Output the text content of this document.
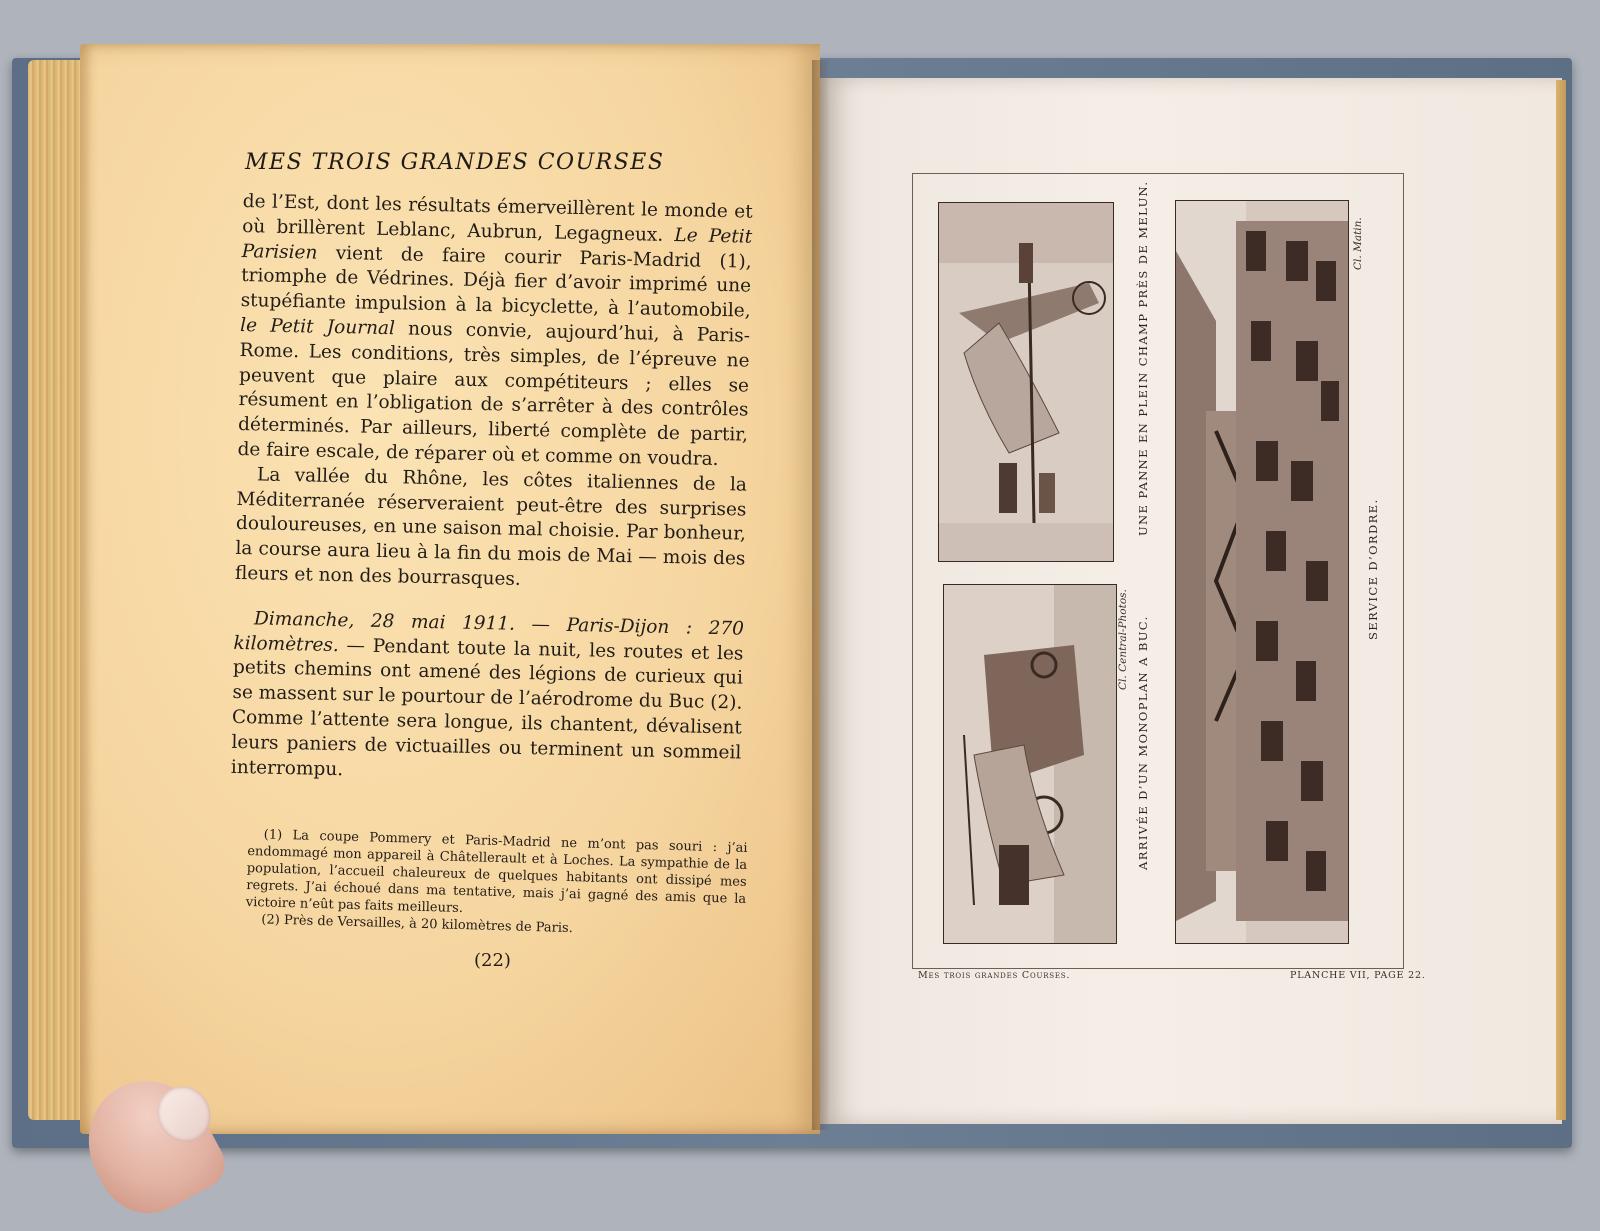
MES TROIS GRANDES COURSES

de l’Est, dont les résultats émerveillèrent le monde et où brillèrent Leblanc, Aubrun, Legagneux. Le Petit Parisien vient de faire courir Paris-Madrid (1), triomphe de Védrines. Déjà fier d’avoir imprimé une stupéfiante impulsion à la bicyclette, à l’automobile, le Petit Journal nous convie, aujourd’hui, à Paris-Rome. Les conditions, très simples, de l’épreuve ne peuvent que plaire aux compétiteurs ; elles se résument en l’obligation de s’arrêter à des contrôles déterminés. Par ailleurs, liberté complète de partir, de faire escale, de réparer où et comme on voudra.

La vallée du Rhône, les côtes italiennes de la Méditerranée réserveraient peut-être des surprises douloureuses, en une saison mal choisie. Par bonheur, la course aura lieu à la fin du mois de Mai — mois des fleurs et non des bourrasques.

Dimanche, 28 mai 1911. — Paris-Dijon : 270 kilomètres. — Pendant toute la nuit, les routes et les petits chemins ont amené des légions de curieux qui se massent sur le pourtour de l’aérodrome du Buc (2). Comme l’attente sera longue, ils chantent, dévalisent leurs paniers de victuailles ou terminent un sommeil interrompu.

(1) La coupe Pommery et Paris-Madrid ne m’ont pas souri : j’ai endommagé mon appareil à Châtellerault et à Loches. La sympathie de la population, l’accueil chaleureux de quelques habitants ont dissipé mes regrets. J’ai échoué dans ma tentative, mais j’ai gagné des amis que la victoire n’eût pas faits meilleurs.

(2) Près de Versailles, à 20 kilomètres de Paris.

(22)
UNE PANNE EN PLEIN CHAMP PRÈS DE MELUN.
ARRIVÉE D’UN MONOPLAN A BUC.
SERVICE D’ORDRE.
Cl. Central-Photos.
Cl. Matin.
Mes trois grandes Courses.	PLANCHE VII, PAGE 22.
